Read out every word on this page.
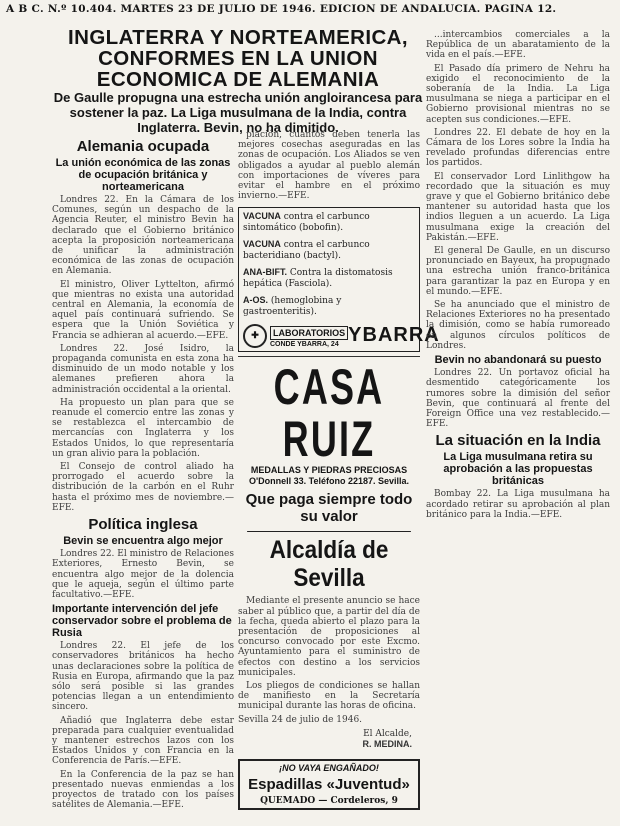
A B C. N.º 10.404. MARTES 23 DE JULIO DE 1946. EDICION DE ANDALUCIA. PAGINA 12.
INGLATERRA Y NORTEAMERICA, CONFORMES EN LA UNION ECONOMICA DE ALEMANIA
De Gaulle propugna una estrecha unión angloirancesa para sostener la paz. La Liga musulmana de la India, contra Inglaterra. Bevin, no ha dimitido.
Alemania ocupada
La unión económica de las zonas de ocupación británica y norteamericana

Londres 22. En la Cámara de los Comunes, según un despacho de la Agencia Reuter, el ministro Bevin ha declarado que el Gobierno británico acepta la proposición norteamericana de unificar la administración económica de las zonas de ocupación en Alemania.

El ministro, Oliver Lyttelton, afirmó que mientras no exista una autoridad central en Alemania, la economía de aquel país continuará sufriendo. Se espera que la Unión Soviética y Francia se adhieran al acuerdo.—EFE.

Londres 22. José Isidro, la propaganda comunista en esta zona ha disminuido de un modo notable y los alemanes prefieren ahora la administración occidental a la oriental.

Ha propuesto un plan para que se reanude el comercio entre las zonas y se restablezca el intercambio de mercancías con Inglaterra y los Estados Unidos, lo que representaría un gran alivio para la población.

El Consejo de control aliado ha prorrogado el acuerdo sobre la distribución de la carbón en el Ruhr hasta el próximo mes de noviembre.—EFE.

Política inglesa
Bevin se encuentra algo mejor

Londres 22. El ministro de Relaciones Exteriores, Ernesto Bevin, se encuentra algo mejor de la dolencia que le aqueja, según el último parte facultativo.—EFE.

Importante intervención del jefe conservador sobre el problema de Rusia

Londres 22. El jefe de los conservadores británicos ha hecho unas declaraciones sobre la política de Rusia en Europa, afirmando que la paz sólo será posible si las grandes potencias llegan a un entendimiento sincero.

Añadió que Inglaterra debe estar preparada para cualquier eventualidad y mantener estrechos lazos con los Estados Unidos y con Francia en la Conferencia de París.—EFE.

En la Conferencia de la paz se han presentado nuevas enmiendas a los proyectos de tratado con los países satélites de Alemania.—EFE.

piación, cuantos deben tenerla las mejores cosechas aseguradas en las zonas de ocupación. Los Aliados se ven obligados a ayudar al pueblo alemán con importaciones de víveres para evitar el hambre en el próximo invierno.—EFE.

VACUNA contra el carbunco sintomático (bobofin).
VACUNA contra el carbunco bacteridiano (bactyl).
ANA-BIFT. Contra la distomatosis hepática (Fasciola).
A-OS. (hemoglobina y gastroenteritis).
✚	LABORATORIOS
CONDE YBARRA, 24 YBARRA
CASA RUIZ
MEDALLAS Y PIEDRAS PRECIOSAS
O'Donnell 33. Teléfono 22187. Sevilla.
Que paga siempre todo su valor
Alcaldía de Sevilla

Mediante el presente anuncio se hace saber al público que, a partir del día de la fecha, queda abierto el plazo para la presentación de proposiciones al concurso convocado por este Excmo. Ayuntamiento para el suministro de efectos con destino a los servicios municipales.

Los pliegos de condiciones se hallan de manifiesto en la Secretaría municipal durante las horas de oficina.

Sevilla 24 de julio de 1946.
El Alcalde,
R. MEDINA.
¡NO VAYA ENGAÑADO!
Espadillas «Juventud»
QUEMADO — Cordeleros, 9

...intercambios comerciales a la República de un abaratamiento de la vida en el país.—EFE.

El Pasado día primero de Nehru ha exigido el reconocimiento de la soberanía de la India. La Liga musulmana se niega a participar en el Gobierno provisional mientras no se acepten sus condiciones.—EFE.

Londres 22. El debate de hoy en la Cámara de los Lores sobre la India ha revelado profundas diferencias entre los partidos.

El conservador Lord Linlithgow ha recordado que la situación es muy grave y que el Gobierno británico debe mantener su autoridad hasta que los indios lleguen a un acuerdo. La Liga musulmana exige la creación del Pakistán.—EFE.

El general De Gaulle, en un discurso pronunciado en Bayeux, ha propugnado una estrecha unión franco-británica para garantizar la paz en Europa y en el mundo.—EFE.

Se ha anunciado que el ministro de Relaciones Exteriores no ha presentado la dimisión, como se había rumoreado en algunos círculos políticos de Londres.

Bevin no abandonará su puesto

Londres 22. Un portavoz oficial ha desmentido categóricamente los rumores sobre la dimisión del señor Bevin, que continuará al frente del Foreign Office una vez restablecido.—EFE.

La situación en la India
La Liga musulmana retira su aprobación a las propuestas británicas

Bombay 22. La Liga musulmana ha acordado retirar su aprobación al plan británico para la India.—EFE.
